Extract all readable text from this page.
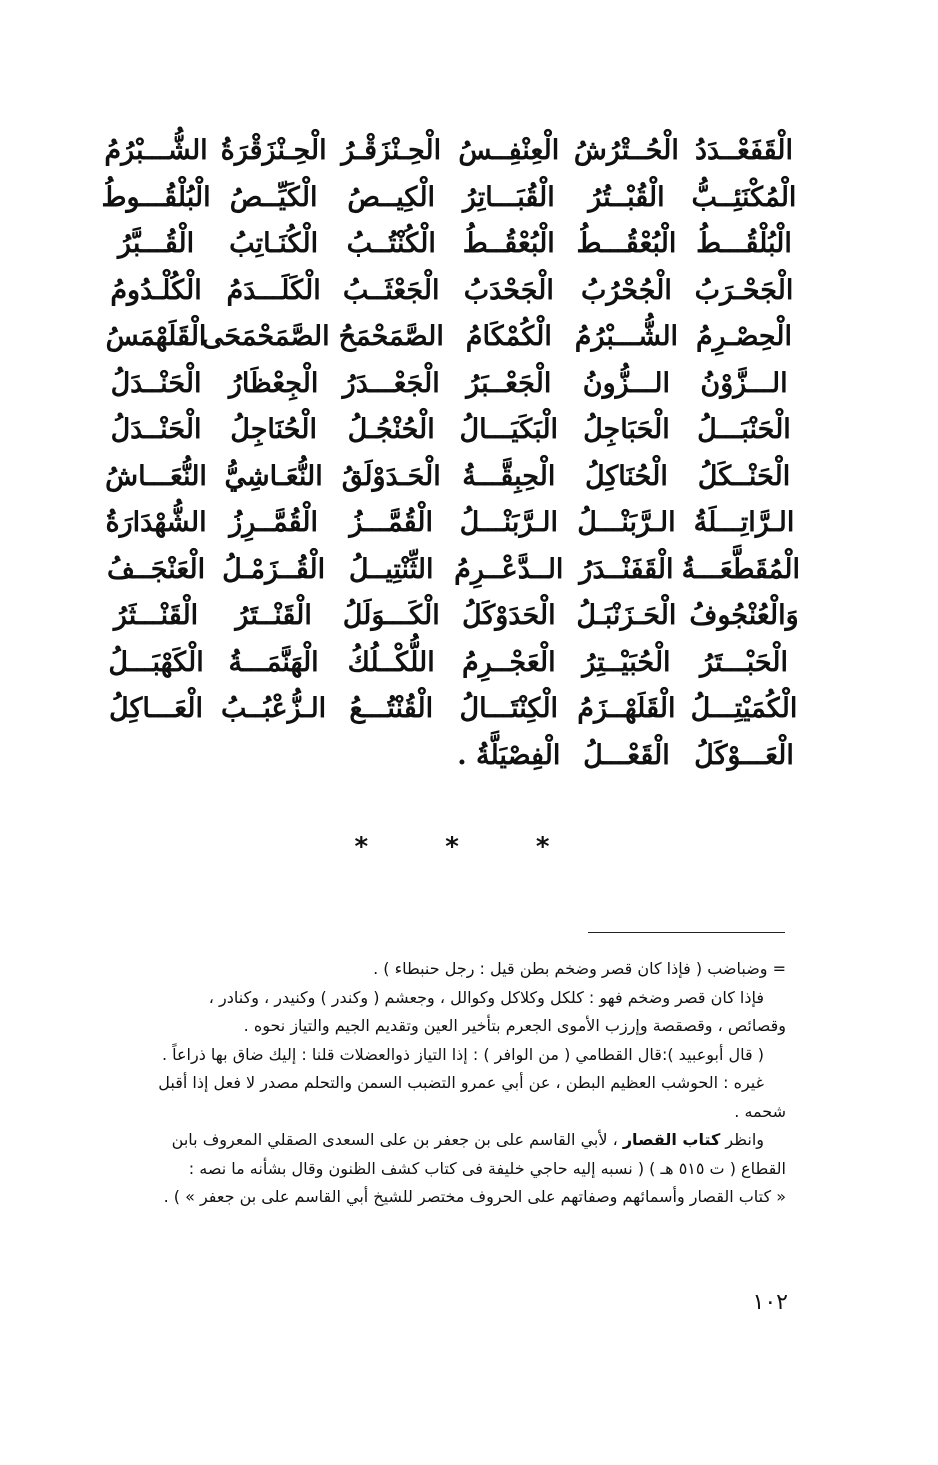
الْقَفَعْــدَدُ
الْحُــتْرُشُ
الْعِنْفِــسُ
الْحِـنْزَقْـرُ
الْحِـنْزَقْرَةُ
الشُّـــبْرُمُ
الْمُكْنَئِــبُّ
الْقُبْــتُرُ
الْقُبَـــاتِرُ
الْكِيــصُ
الْكَيِّــصُ
الْبُلْقُـــوطُ
الْبُلْقُـــطُ
الْبُعْقُـــطُ
الْبُعْقُــطُ
الْكُنْتُــبُ
الْكُنَـاتِبُ
الْقُـــبَّرُ
الْجَحْـرَبُ
الْجُحْرُبُ
الْجَحْدَبُ
الْجَعْثَــبُ
الْكَلَـــدَمُ
الْكُلْـدُومُ
الْحِصْـرِمُ
الشُّـــبْرُمُ
الْكُمْكَامُ
الصَّمَحْمَحُ
الصَّمَحْمَحَى
الْقَلَهْمَسُ
الـــزَّوْنُ
الـــزُّونُ
الْجَعْــبَرُ
الْجَعْـــدَرُ
الْجِعْظَارُ
الْحَنْــدَلُ
الْحَنْبَـــلُ
الْحَبَاجِلُ
الْبَكَيَـــالُ
الْحُنْجُـلُ
الْحُنَاجِلُ
الْحَنْــدَلُ
الْحَنْــكَلُ
الْحُنَاكِلُ
الْحِبِقَّـــةُ
الْحَـدَوْلَقُ
النُّعَـاشِيُّ
النُّعَـــاشُ
الـرَّاتِـــلَةُ
الـرَّبَنْـــلُ
الـرَّبَنْـــلُ
الْقُمَّـــزُ
الْقُمَّــرِزُ
الشُّهْدَارَةُ
الْمُقَطَّعَـــةُ
الْقَفَنْــدَرُ
الــدَّعْــرِمُ
الثِّنْتِيــلُ
الْقُــزَمْـلُ
الْعَنْجَــفُ
وَالْعُنْجُوفُ
الْحَـزَنْبَـلُ
الْحَدَوْكَلُ
الْكَـــوَلَلُ
الْقَنْــتَرُ
الْقَنْـــثَرُ
الْحَبْـــتَرُ
الْحُبَيْــتِرُ
الْعَجْــرِمُ
اللُّكْــلُكُ
الْهَنَّمَـــةُ
الْكَهْبَـــلُ
الْكُمَيْتِـــلُ
الْقَلَهْــزَمُ
الْكِنْتَـــالُ
الْقُنْتُـــعُ
الـزُّعْبُــبُ
الْعَـــاكِلُ
الْعَـــوْكَلُ
الْقَعْـــلُ
الْفِصْيَلَّةُ .
* * *
= وضباضب ( فإذا كان قصر وضخم بطن قيل : رجل حنبطاء ) .
فإذا كان قصر وضخم فهو : كلكل وكلاكل وكوالل ، وجعشم ( وكندر ) وكنيدر ، وكنادر ،
وقصائص ، وقصقصة وإرزب الأموى الجعرم بتأخير العين وتقديم الجيم والتياز نحوه .
( قال أبوعبيد ):قال القطامي ( من الوافر ) : إذا التياز ذوالعضلات قلنا : إليك ضاق بها ذراعاً .
غيره : الحوشب العظيم البطن ، عن أبي عمرو التضبب السمن والتحلم مصدر لا فعل إذا أقبل
شحمه .
وانظر كتاب القصار ، لأبي القاسم على بن جعفر بن على السعدى الصقلي المعروف بابن
القطاع ( ت ٥١٥ هـ ) ( نسبه إليه حاجي خليفة فى كتاب كشف الظنون وقال بشأنه ما نصه :
« كتاب القصار وأسمائهم وصفاتهم على الحروف مختصر للشيخ أبي القاسم على بن جعفر » ) .
١٠٢
